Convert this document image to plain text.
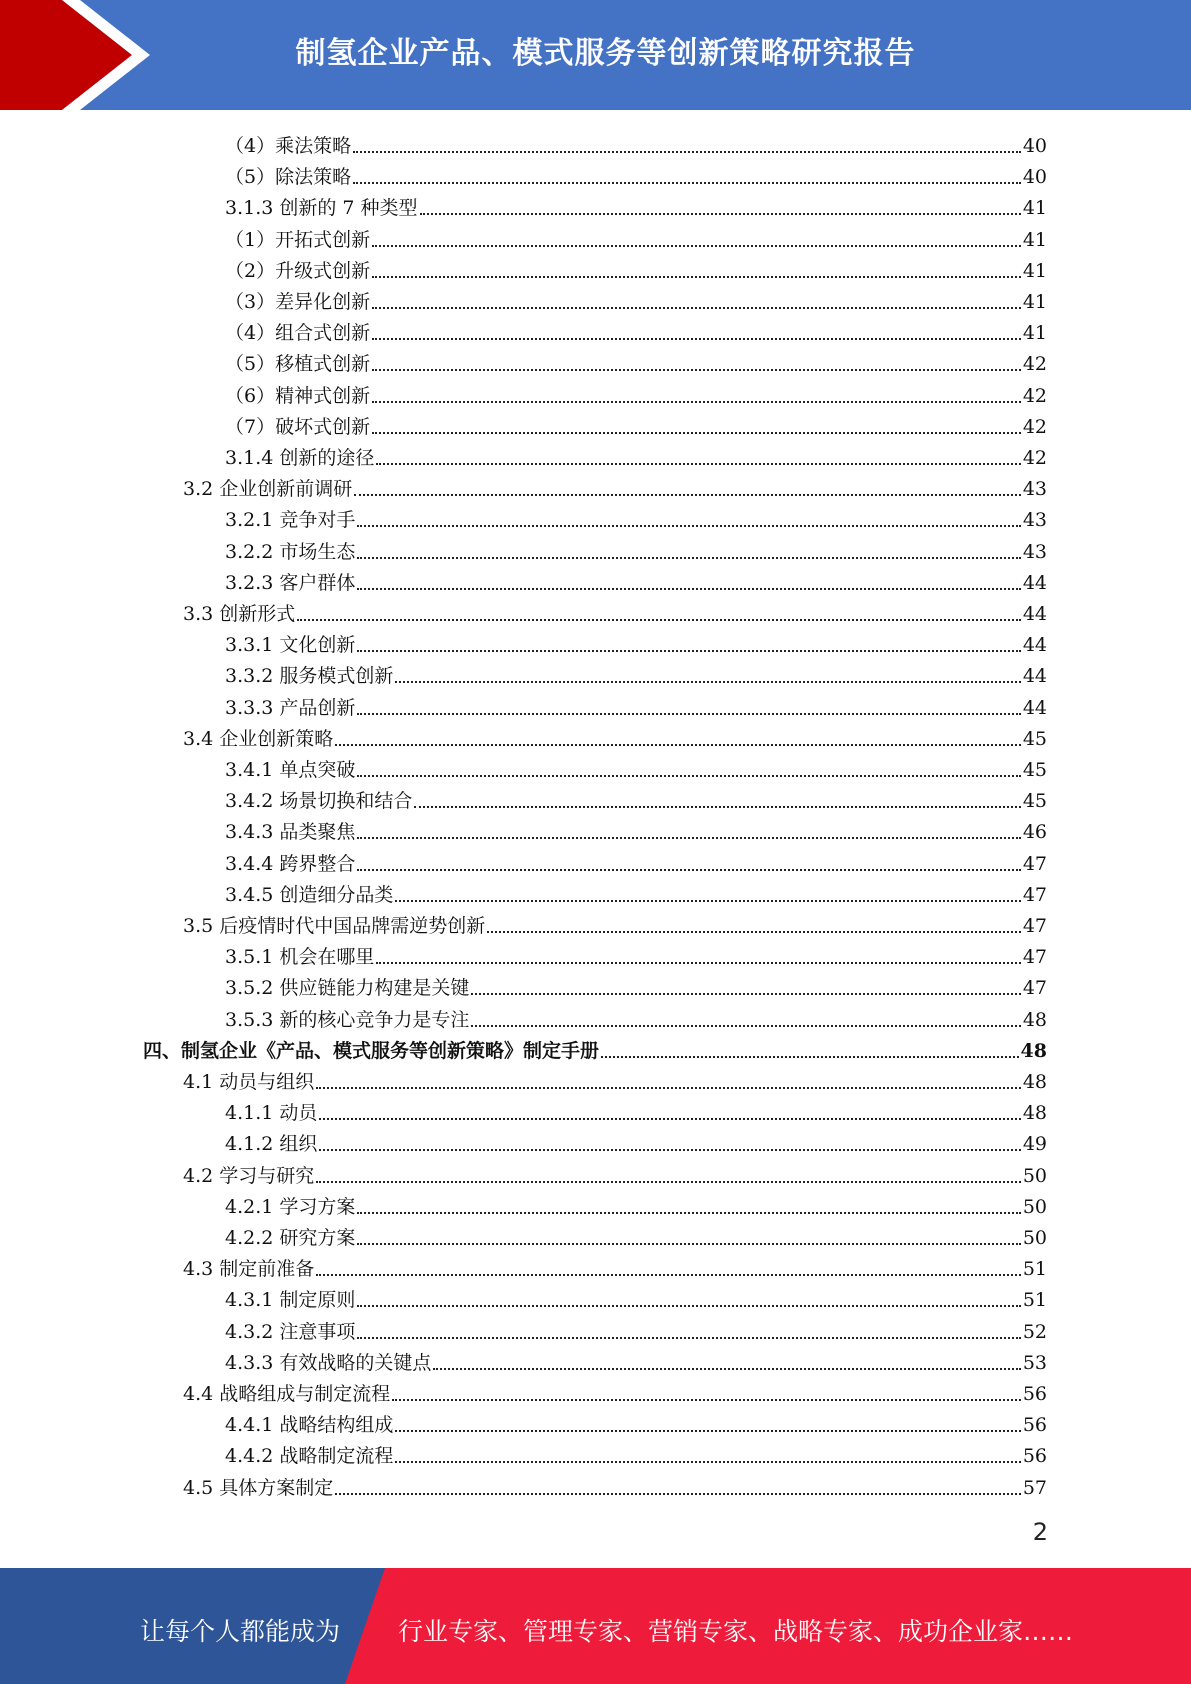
制氢企业产品、模式服务等创新策略研究报告
（4）乘法策略	40
（5）除法策略	40
3.1.3 创新的 7 种类型	41
（1）开拓式创新	41
（2）升级式创新	41
（3）差异化创新	41
（4）组合式创新	41
（5）移植式创新	42
（6）精神式创新	42
（7）破坏式创新	42
3.1.4 创新的途径	42
3.2 企业创新前调研	43
3.2.1 竞争对手	43
3.2.2 市场生态	43
3.2.3 客户群体	44
3.3 创新形式	44
3.3.1 文化创新	44
3.3.2 服务模式创新	44
3.3.3 产品创新	44
3.4 企业创新策略	45
3.4.1 单点突破	45
3.4.2 场景切换和结合	45
3.4.3 品类聚焦	46
3.4.4 跨界整合	47
3.4.5 创造细分品类	47
3.5 后疫情时代中国品牌需逆势创新	47
3.5.1 机会在哪里	47
3.5.2 供应链能力构建是关键	47
3.5.3 新的核心竞争力是专注	48
四、制氢企业《产品、模式服务等创新策略》制定手册	48
4.1 动员与组织	48
4.1.1 动员	48
4.1.2 组织	49
4.2 学习与研究	50
4.2.1 学习方案	50
4.2.2 研究方案	50
4.3 制定前准备	51
4.3.1 制定原则	51
4.3.2 注意事项	52
4.3.3 有效战略的关键点	53
4.4 战略组成与制定流程	56
4.4.1 战略结构组成	56
4.4.2 战略制定流程	56
4.5 具体方案制定	57
2
让每个人都能成为 行业专家、管理专家、营销专家、战略专家、成功企业家……
